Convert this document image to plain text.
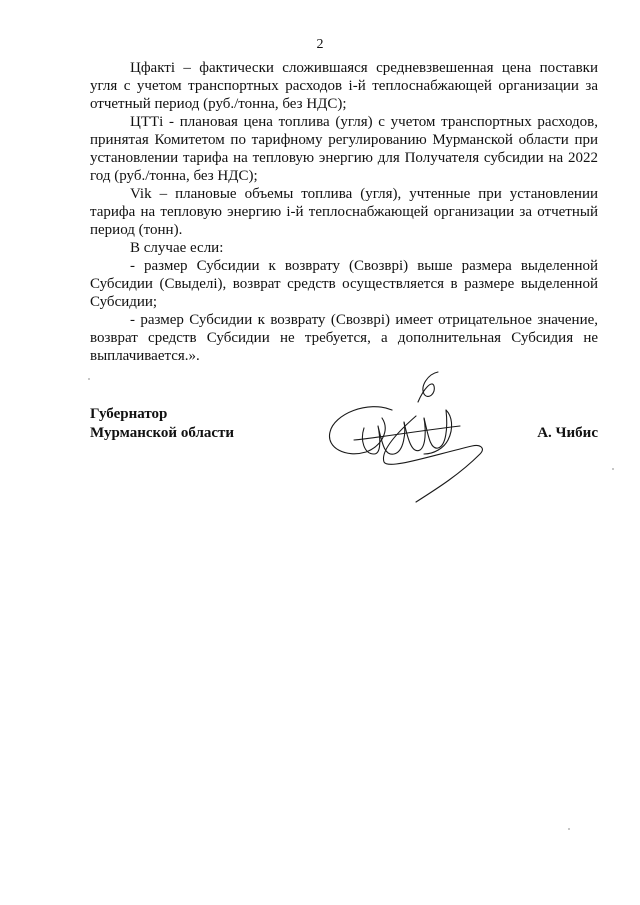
2

Цфакті – фактически сложившаяся средневзвешенная цена поставки угля с учетом транспортных расходов і-й теплоснабжающей организации за отчетный период (руб./тонна, без НДС);

ЦТТі - плановая цена топлива (угля) с учетом транспортных расходов, принятая Комитетом по тарифному регулированию Мурманской области при установлении тарифа на тепловую энергию для Получателя субсидии на 2022 год (руб./тонна, без НДС);

Vik – плановые объемы топлива (угля), учтенные при установлении тарифа на тепловую энергию і-й теплоснабжающей организации за отчетный период (тонн).

В случае если:

- размер Субсидии к возврату (Свозврі) выше размера выделенной Субсидии (Свыделі), возврат средств осуществляется в размере выделенной Субсидии;

- размер Субсидии к возврату (Свозврі) имеет отрицательное значение, возврат средств Субсидии не требуется, а дополнительная Субсидия не выплачивается.».

Губернатор
Мурманской области	А. Чибис
